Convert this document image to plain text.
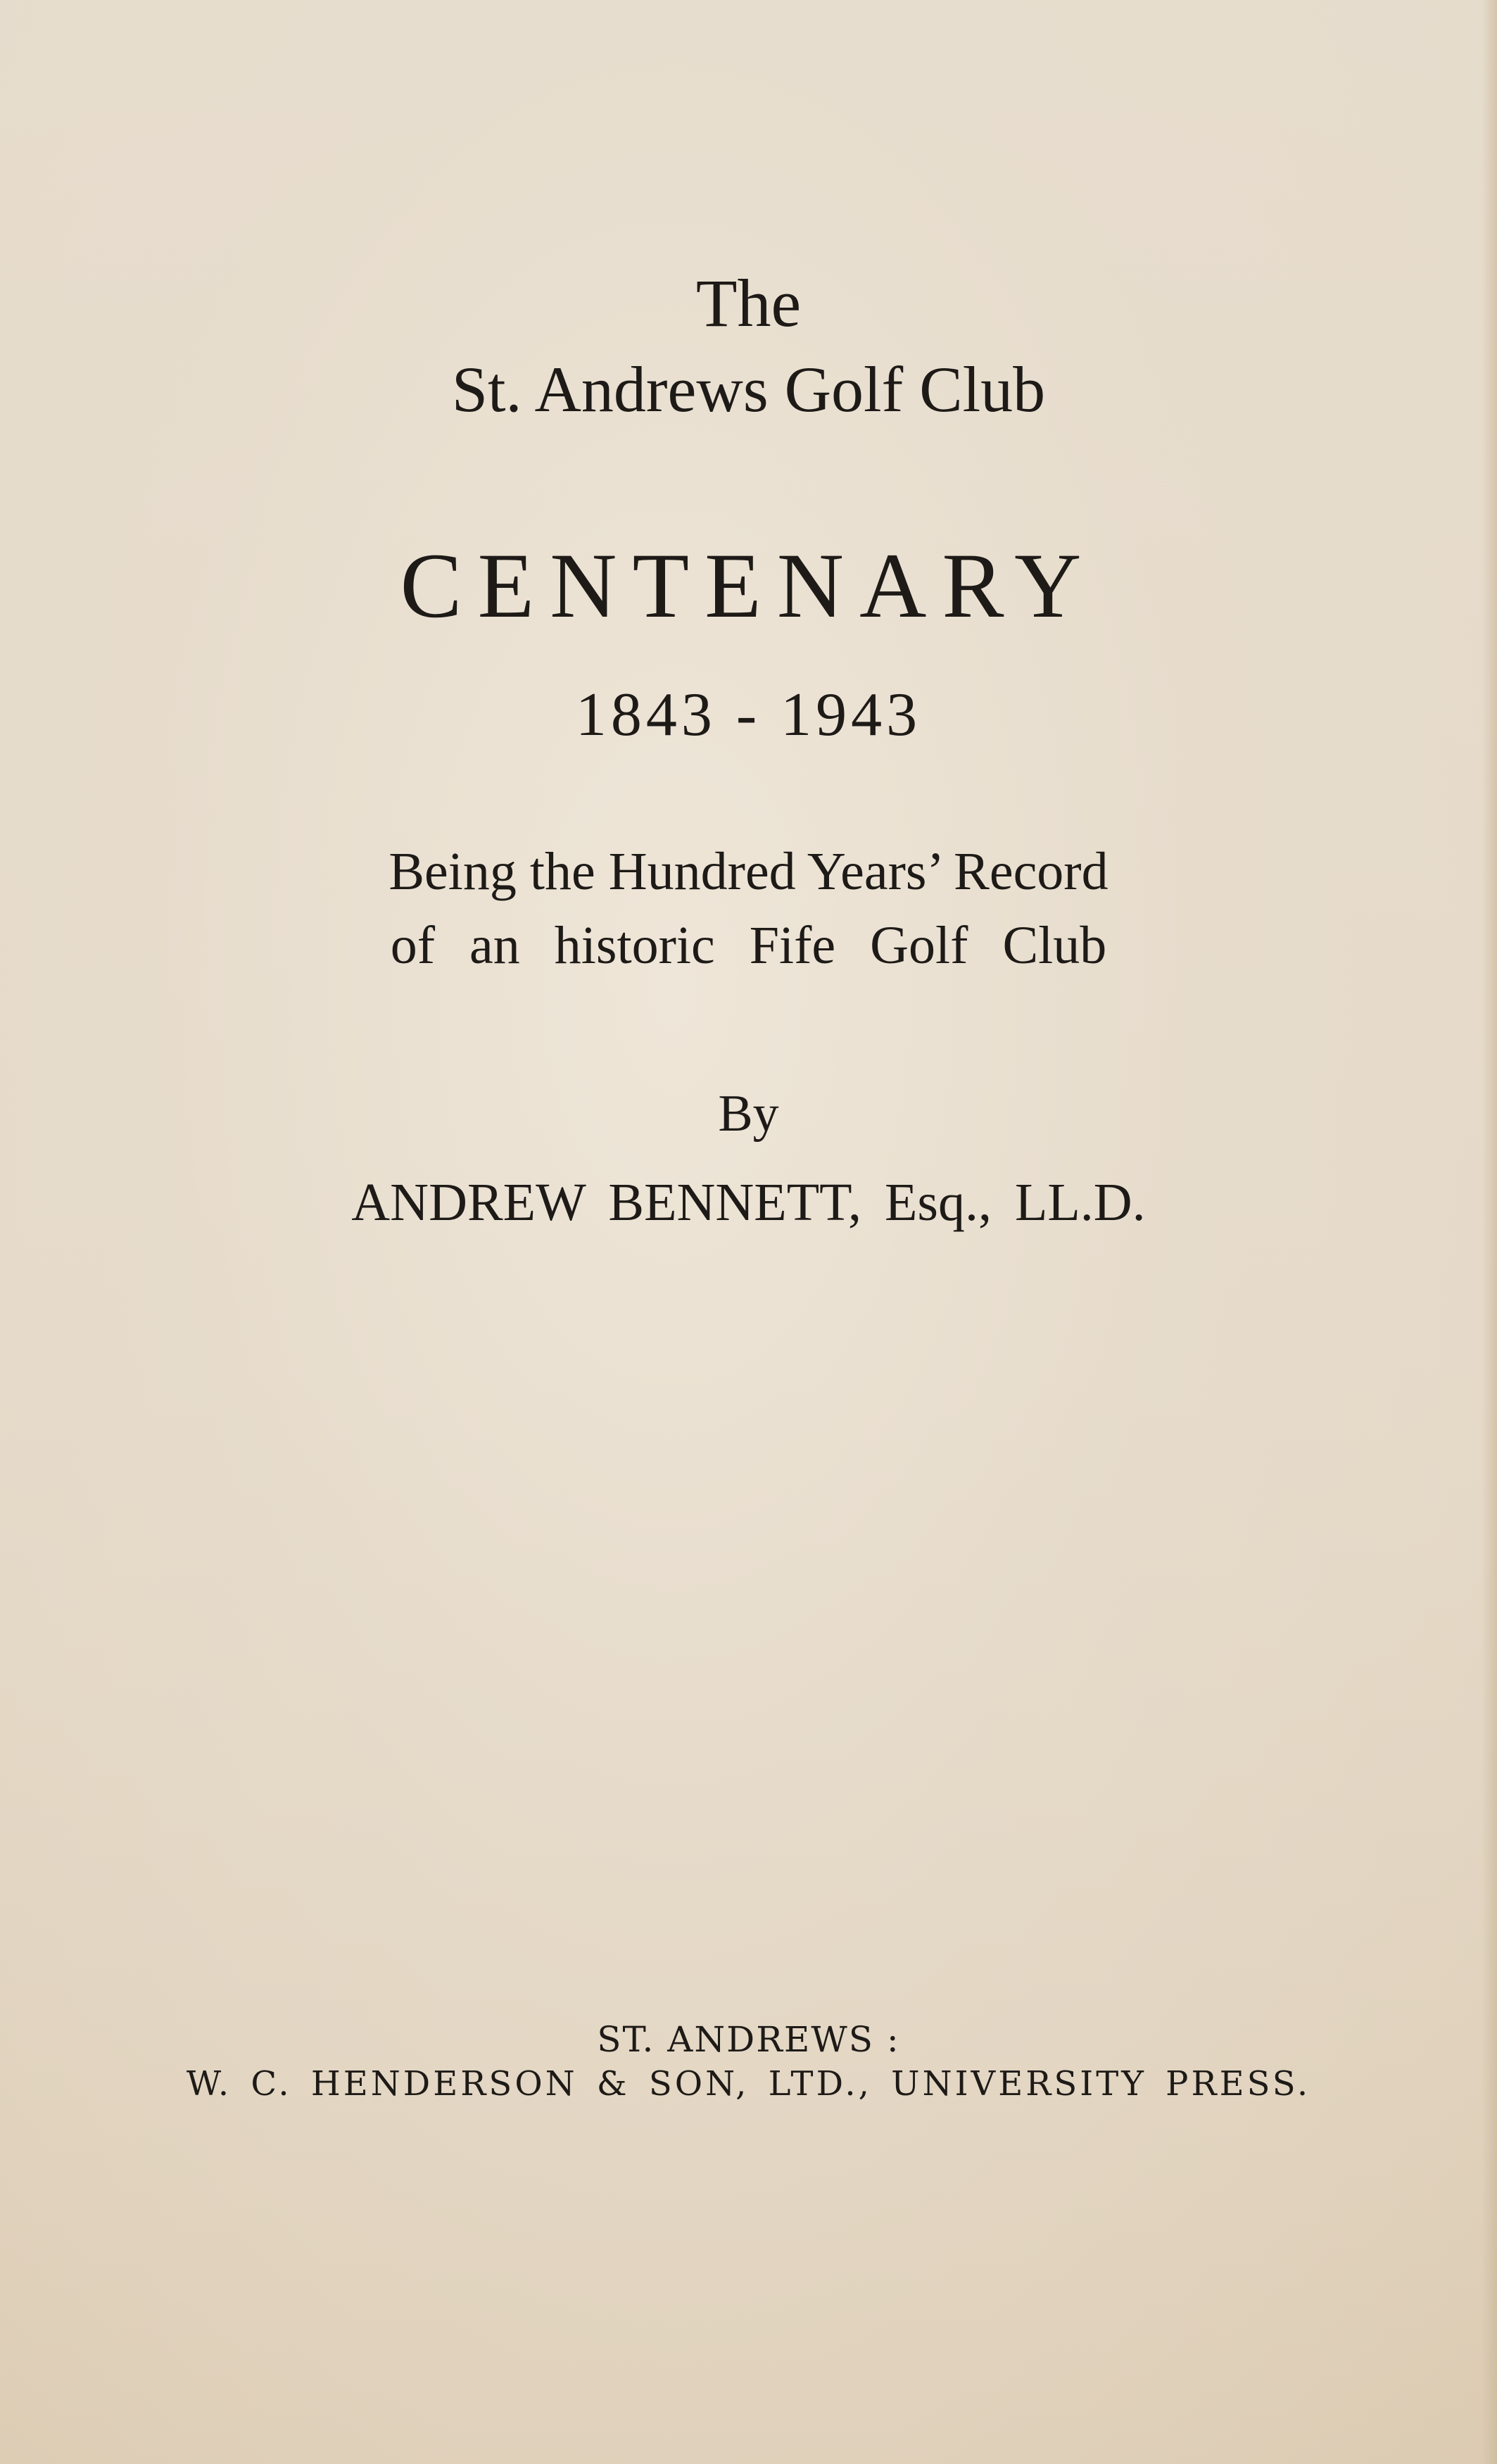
The
St. Andrews Golf Club
CENTENARY
1843 - 1943
Being the Hundred Years’ Record
of an historic Fife Golf Club
By
ANDREW BENNETT, Esq., LL.D.
ST. ANDREWS :
W. C. HENDERSON & SON, LTD., UNIVERSITY PRESS.
